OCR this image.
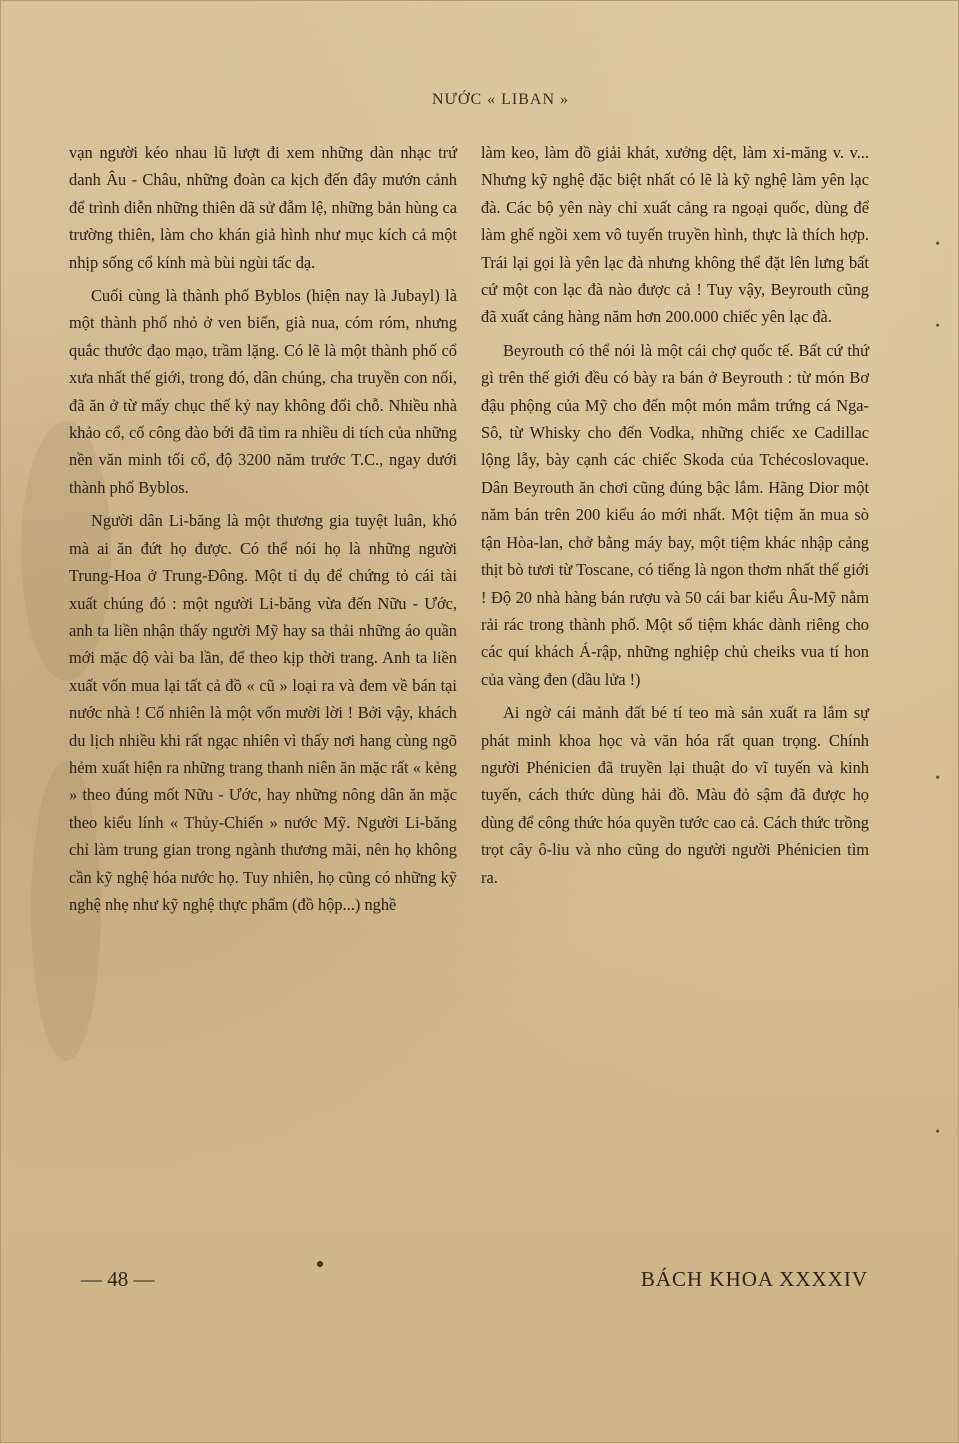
NƯỚC « LIBAN »

vạn người kéo nhau lũ lượt đi xem những dàn nhạc trứ danh Âu - Châu, những đoàn ca kịch đến đây mướn cảnh để trình diễn những thiên dã sử đẫm lệ, những bản hùng ca trường thiên, làm cho khán giả hình như mục kích cả một nhịp sống cổ kính mà bùi ngùi tấc dạ.

Cuối cùng là thành phố Byblos (hiện nay là Jubayl) là một thành phố nhỏ ở ven biển, già nua, cóm róm, nhưng quắc thước đạo mạo, trầm lặng. Có lẽ là một thành phố cổ xưa nhất thế giới, trong đó, dân chúng, cha truyền con nối, đã ăn ở từ mấy chục thế kỷ nay không đổi chỗ. Nhiều nhà khảo cổ, cố công đào bới đã tìm ra nhiều di tích của những nền văn minh tối cổ, độ 3200 năm trước T.C., ngay dưới thành phố Byblos.

Người dân Li-băng là một thương gia tuyệt luân, khó mà ai ăn đứt họ được. Có thể nói họ là những người Trung-Hoa ở Trung-Đông. Một tỉ dụ để chứng tỏ cái tài xuất chúng đó : một người Li-băng vừa đến Nữu - Ước, anh ta liền nhận thấy người Mỹ hay sa thải những áo quần mới mặc độ vài ba lần, để theo kịp thời trang. Anh ta liền xuất vốn mua lại tất cả đồ « cũ » loại ra và đem về bán tại nước nhà ! Cố nhiên là một vốn mười lời ! Bởi vậy, khách du lịch nhiều khi rất ngạc nhiên vì thấy nơi hang cùng ngõ hẻm xuất hiện ra những trang thanh niên ăn mặc rất « kẻng » theo đúng mốt Nữu - Ước, hay những nông dân ăn mặc theo kiểu lính « Thủy-Chiến » nước Mỹ. Người Li-băng chỉ làm trung gian trong ngành thương mãi, nên họ không cần kỹ nghệ hóa nước họ. Tuy nhiên, họ cũng có những kỹ nghệ nhẹ như kỹ nghệ thực phẩm (đồ hộp...) nghề

làm keo, làm đồ giải khát, xưởng dệt, làm xi-măng v. v... Nhưng kỹ nghệ đặc biệt nhất có lẽ là kỹ nghệ làm yên lạc đà. Các bộ yên này chỉ xuất cảng ra ngoại quốc, dùng để làm ghế ngồi xem vô tuyến truyền hình, thực là thích hợp. Trái lại gọi là yên lạc đà nhưng không thể đặt lên lưng bất cứ một con lạc đà nào được cả ! Tuy vậy, Beyrouth cũng đã xuất cảng hàng năm hơn 200.000 chiếc yên lạc đà.

Beyrouth có thể nói là một cái chợ quốc tế. Bất cứ thứ gì trên thế giới đều có bày ra bán ở Beyrouth : từ món Bơ đậu phộng của Mỹ cho đến một món mắm trứng cá Nga-Sô, từ Whisky cho đến Vodka, những chiếc xe Cadillac lộng lẫy, bày cạnh các chiếc Skoda của Tchécoslovaque. Dân Beyrouth ăn chơi cũng đúng bậc lắm. Hãng Dior một năm bán trên 200 kiểu áo mới nhất. Một tiệm ăn mua sò tận Hòa-lan, chở bằng máy bay, một tiệm khác nhập cảng thịt bò tươi từ Toscane, có tiếng là ngon thơm nhất thế giới ! Độ 20 nhà hàng bán rượu và 50 cái bar kiểu Âu-Mỹ nằm rải rác trong thành phố. Một số tiệm khác dành riêng cho các quí khách Á-rập, những nghiệp chủ cheiks vua tí hon của vàng đen (dầu lửa !)

Ai ngờ cái mảnh đất bé tí teo mà sản xuất ra lắm sự phát minh khoa học và văn hóa rất quan trọng. Chính người Phénicien đã truyền lại thuật do vĩ tuyến và kinh tuyến, cách thức dùng hải đồ. Màu đỏ sậm đã được họ dùng để công thức hóa quyền tước cao cả. Cách thức trồng trọt cây ô-liu và nho cũng do người người Phénicien tìm ra.

— 48 —	BÁCH KHOA XXXXIV
•
•
•
•
